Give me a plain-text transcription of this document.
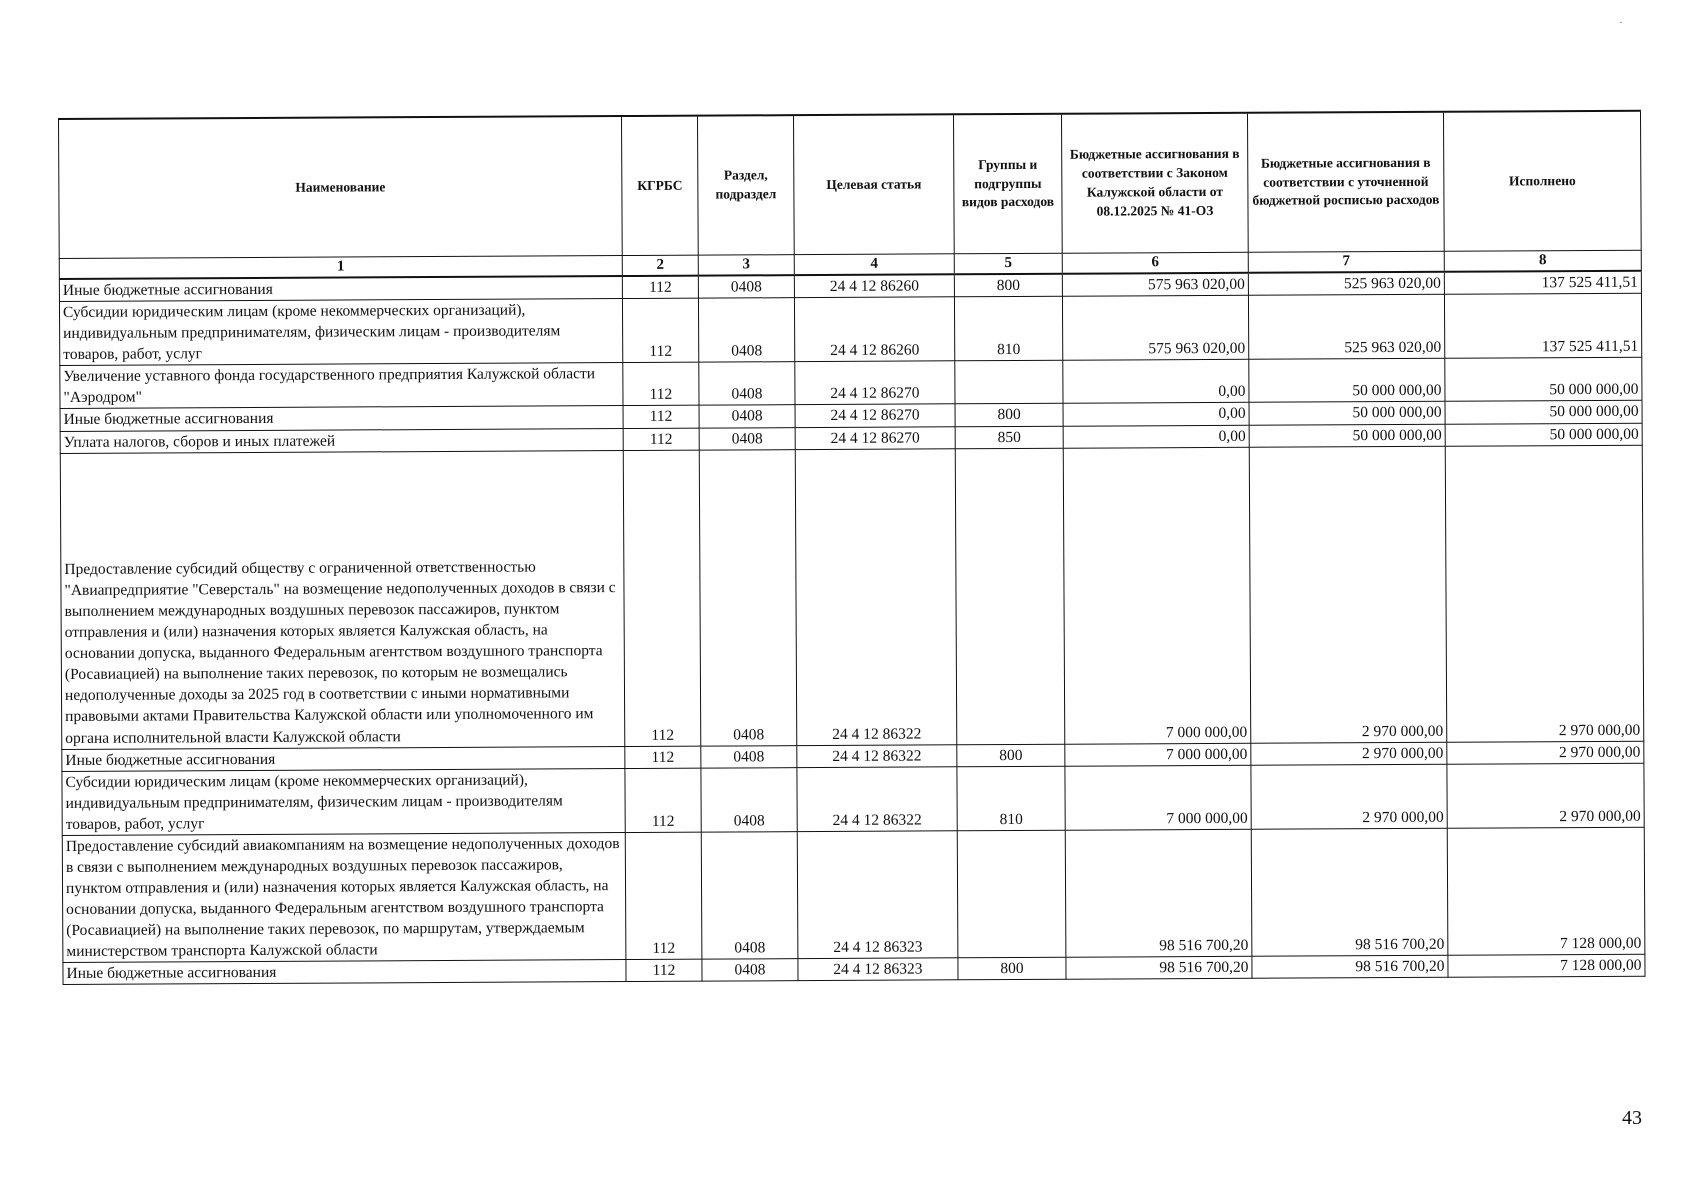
Наименование	КГРБС	Раздел, подраздел	Целевая статья	Группы и подгруппы видов расходов	Бюджетные ассигнования в соответствии с Законом Калужской области от 08.12.2025 № 41-ОЗ	Бюджетные ассигнования в соответствии с уточненной бюджетной росписью расходов	Исполнено
1	2	3	4	5	6	7	8
Иные бюджетные ассигнования	112	0408	24 4 12 86260	800	575 963 020,00	525 963 020,00	137 525 411,51
Субсидии юридическим лицам (кроме некоммерческих организаций), индивидуальным предпринимателям, физическим лицам - производителям товаров, работ, услуг	112	0408	24 4 12 86260	810	575 963 020,00	525 963 020,00	137 525 411,51
Увеличение уставного фонда государственного предприятия Калужской области "Аэродром"	112	0408	24 4 12 86270		0,00	50 000 000,00	50 000 000,00
Иные бюджетные ассигнования	112	0408	24 4 12 86270	800	0,00	50 000 000,00	50 000 000,00
Уплата налогов, сборов и иных платежей	112	0408	24 4 12 86270	850	0,00	50 000 000,00	50 000 000,00
Предоставление субсидий обществу с ограниченной ответственностью "Авиапредприятие "Северсталь" на возмещение недополученных доходов в связи с выполнением международных воздушных перевозок пассажиров, пунктом отправления и (или) назначения которых является Калужская область, на основании допуска, выданного Федеральным агентством воздушного транспорта (Росавиацией) на выполнение таких перевозок, по которым не возмещались недополученные доходы за 2025 год в соответствии с иными нормативными правовыми актами Правительства Калужской области или уполномоченного им органа исполнительной власти Калужской области	112	0408	24 4 12 86322		7 000 000,00	2 970 000,00	2 970 000,00
Иные бюджетные ассигнования	112	0408	24 4 12 86322	800	7 000 000,00	2 970 000,00	2 970 000,00
Субсидии юридическим лицам (кроме некоммерческих организаций), индивидуальным предпринимателям, физическим лицам - производителям товаров, работ, услуг	112	0408	24 4 12 86322	810	7 000 000,00	2 970 000,00	2 970 000,00
Предоставление субсидий авиакомпаниям на возмещение недополученных доходов в связи с выполнением международных воздушных перевозок пассажиров, пунктом отправления и (или) назначения которых является Калужская область, на основании допуска, выданного Федеральным агентством воздушного транспорта (Росавиацией) на выполнение таких перевозок, по маршрутам, утверждаемым министерством транспорта Калужской области	112	0408	24 4 12 86323		98 516 700,20	98 516 700,20	7 128 000,00
Иные бюджетные ассигнования	112	0408	24 4 12 86323	800	98 516 700,20	98 516 700,20	7 128 000,00
43
